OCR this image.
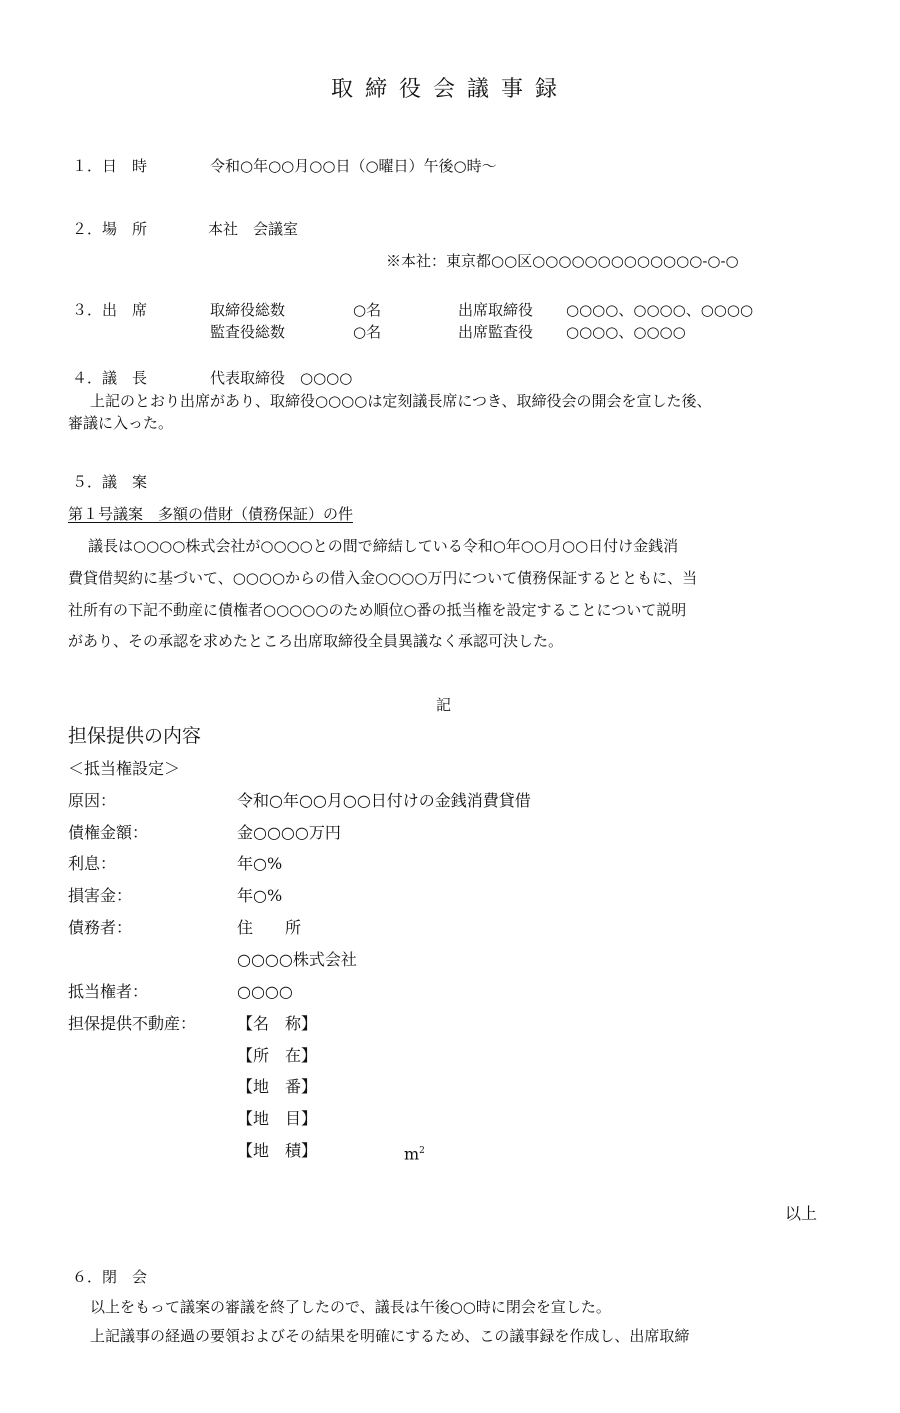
取締役会議事録
１．日　時	令和○年○○月○○日（○曜日）午後○時～
２．場　所	本社　会議室
※本社：東京都○○区○○○○○○○○○○○○○-○-○
３．出　席	取締役総数	○名	出席取締役 ○○○○、○○○○、○○○○
監査役総数	○名	出席監査役 ○○○○、○○○○
４．議　長	代表取締役　○○○○
上記のとおり出席があり、取締役○○○○は定刻議長席につき、取締役会の開会を宣した後、
審議に入った。
５．議　案
第１号議案　多額の借財（債務保証）の件
議長は○○○○株式会社が○○○○との間で締結している令和○年○○月○○日付け金銭消
費貸借契約に基づいて、○○○○からの借入金○○○○万円について債務保証するとともに、当
社所有の下記不動産に債権者○○○○○のため順位○番の抵当権を設定することについて説明
があり、その承認を求めたところ出席取締役全員異議なく承認可決した。
記
担保提供の内容
＜抵当権設定＞
原因：	令和○年○○月○○日付けの金銭消費貸借
債権金額：	金○○○○万円
利息：	年○%
損害金：	年○%
債務者：	住　　所
○○○○株式会社
抵当権者：	○○○○
担保提供不動産：	【名　称】
【所　在】
【地　番】
【地　目】
【地　積】	$m^2$
以上
６．閉　会
以上をもって議案の審議を終了したので、議長は午後○○時に閉会を宣した。
上記議事の経過の要領およびその結果を明確にするため、この議事録を作成し、出席取締
